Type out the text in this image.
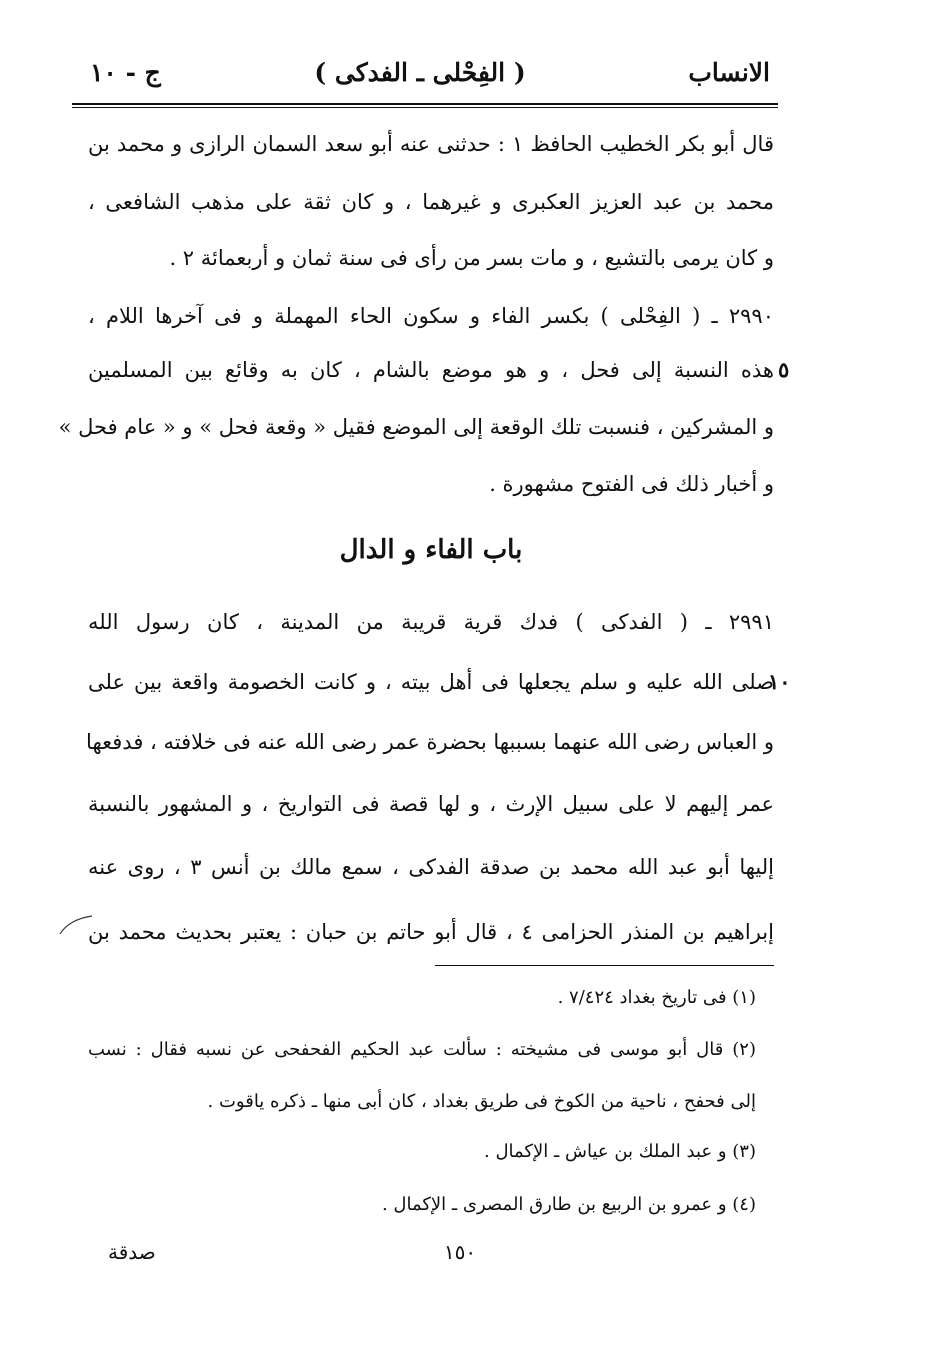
الانساب
( الفِحْلى ـ الفدكى )
ج - ١٠
قال أبو بكر الخطيب الحافظ ١ : حدثنى عنه أبو سعد السمان الرازى و محمد بن
محمد بن عبد العزيز العكبرى و غيرهما ، و كان ثقة على مذهب الشافعى ،
و كان يرمى بالتشيع ، و مات بسر من رأى فى سنة ثمان و أربعمائة ٢ .
٢٩٩٠ ـ ( الفِحْلى ) بكسر الفاء و سكون الحاء المهملة و فى آخرها اللام ،
هذه النسبة إلى فحل ، و هو موضع بالشام ، كان به وقائع بين المسلمين ٥
و المشركين ، فنسبت تلك الوقعة إلى الموضع فقيل « وقعة فحل » و « عام فحل »
و أخبار ذلك فى الفتوح مشهورة .
باب الفاء و الدال
٢٩٩١ ـ ( الفدكى ) فدك قرية قريبة من المدينة ، كان رسول الله
صلى الله عليه و سلم يجعلها فى أهل بيته ، و كانت الخصومة واقعة بين على
١٠
و العباس رضى الله عنهما بسببها بحضرة عمر رضى الله عنه فى خلافته ، فدفعها
عمر إليهم لا على سبيل الإرث ، و لها قصة فى التواريخ ، و المشهور بالنسبة
إليها أبو عبد الله محمد بن صدقة الفدكى ، سمع مالك بن أنس ٣ ، روى عنه
إبراهيم بن المنذر الحزامى ٤ ، قال أبو حاتم بن حبان : يعتبر بحديث محمد بن
(١) فى تاريخ بغداد ٧/٤٢٤ .
(٢) قال أبو موسى فى مشيخته : سألت عبد الحكيم الفحفحى عن نسبه فقال : نسب
إلى فحفح ، ناحية من الكوخ فى طريق بغداد ، كان أبى منها ـ ذكره ياقوت .
(٣) و عبد الملك بن عياش ـ الإكمال .
(٤) و عمرو بن الربيع بن طارق المصرى ـ الإكمال .
صدقة	١٥٠
